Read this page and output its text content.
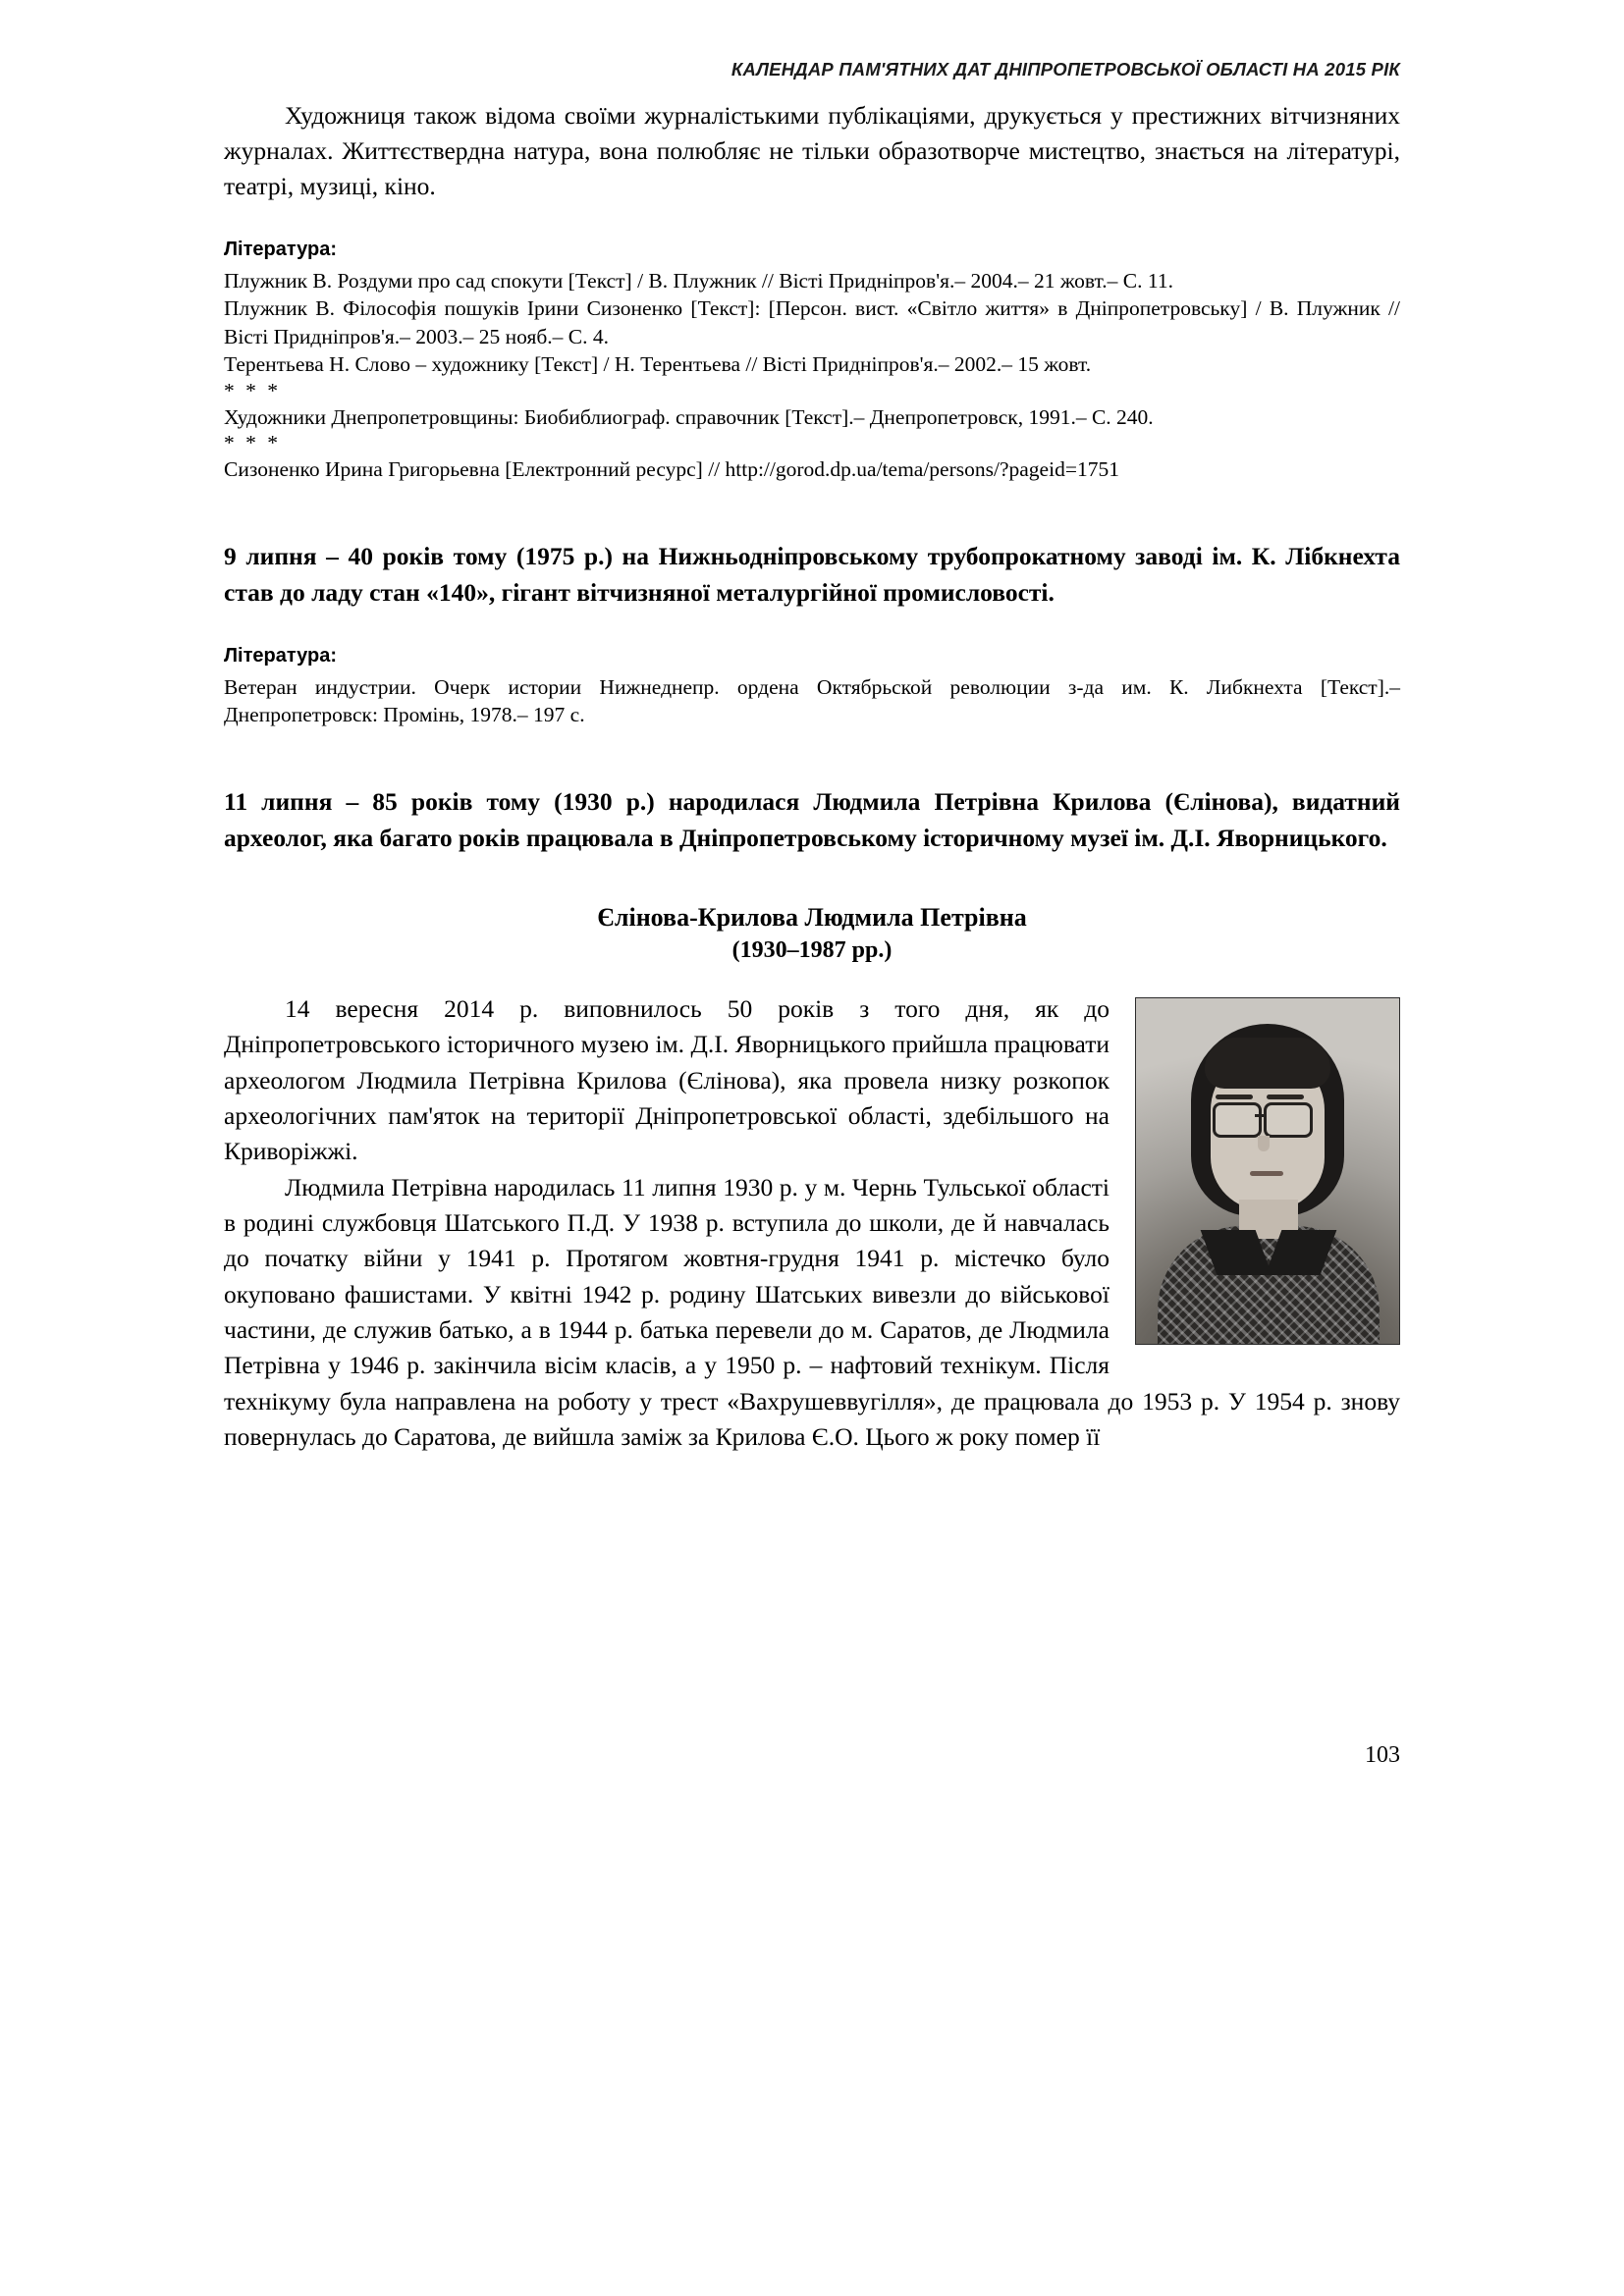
КАЛЕНДАР ПАМ'ЯТНИХ ДАТ ДНІПРОПЕТРОВСЬКОЇ ОБЛАСТІ НА 2015 РІК

Художниця також відома своїми журналістькими публікаціями, друкується у престижних вітчизняних журналах. Життєствердна натура, вона полюбляє не тільки образотворче мистецтво, знається на літературі, театрі, музиці, кіно.

Література:

Плужник В. Роздуми про сад спокути [Текст] / В. Плужник // Вісті Придніпров'я.– 2004.– 21 жовт.– С. 11.

Плужник В. Філософія пошуків Ірини Сизоненко [Текст]: [Персон. вист. «Світло життя» в Дніпропетровську] / В. Плужник // Вісті Придніпров'я.– 2003.– 25 нояб.– С. 4.

Терентьева Н. Слово – художнику [Текст] / Н. Терентьева // Вісті Придніпров'я.– 2002.– 15 жовт.

* * *

Художники Днепропетровщины: Биобиблиограф. справочник [Текст].– Днепропетровск, 1991.– С. 240.

* * *

Сизоненко Ирина Григорьевна [Електронний ресурс] // http://gorod.dp.ua/tema/persons/?pageid=1751

9 липня – 40 років тому (1975 р.) на Нижньодніпровському трубопрокатному заводі ім. К. Лібкнехта став до ладу стан «140», гігант вітчизняної металургійної промисловості.

Література:

Ветеран индустрии. Очерк истории Нижнеднепр. ордена Октябрьской революции з-да им. К. Либкнехта [Текст].– Днепропетровск: Промінь, 1978.– 197 с.

11 липня – 85 років тому (1930 р.) народилася Людмила Петрівна Крилова (Єлінова), видатний археолог, яка багато років працювала в Дніпропетровському історичному музеї ім. Д.І. Яворницького.

Єлінова-Крилова Людмила Петрівна

(1930–1987 рр.)

14 вересня 2014 р. виповнилось 50 років з того дня, як до Дніпропетровського історичного музею ім. Д.І. Яворницького прийшла працювати археологом Людмила Петрівна Крилова (Єлінова), яка провела низку розкопок археологічних пам'яток на території Дніпропетровської області, здебільшого на Криворіжжі.

Людмила Петрівна народилась 11 липня 1930 р. у м. Чернь Тульської області в родині службовця Шатського П.Д. У 1938 р. вступила до школи, де й навчалась до початку війни у 1941 р. Протягом жовтня-грудня 1941 р. містечко було окуповано фашистами. У квітні 1942 р. родину Шатських вивезли до військової частини, де служив батько, а в 1944 р. батька перевели до м. Саратов, де Людмила Петрівна у 1946 р. закінчила вісім класів, а у 1950 р. – нафтовий технікум. Після технікуму була направлена на роботу у трест «Вахрушеввугілля», де працювала до 1953 р. У 1954 р. знову повернулась до Саратова, де вийшла заміж за Крилова Є.О. Цього ж року помер її

103
